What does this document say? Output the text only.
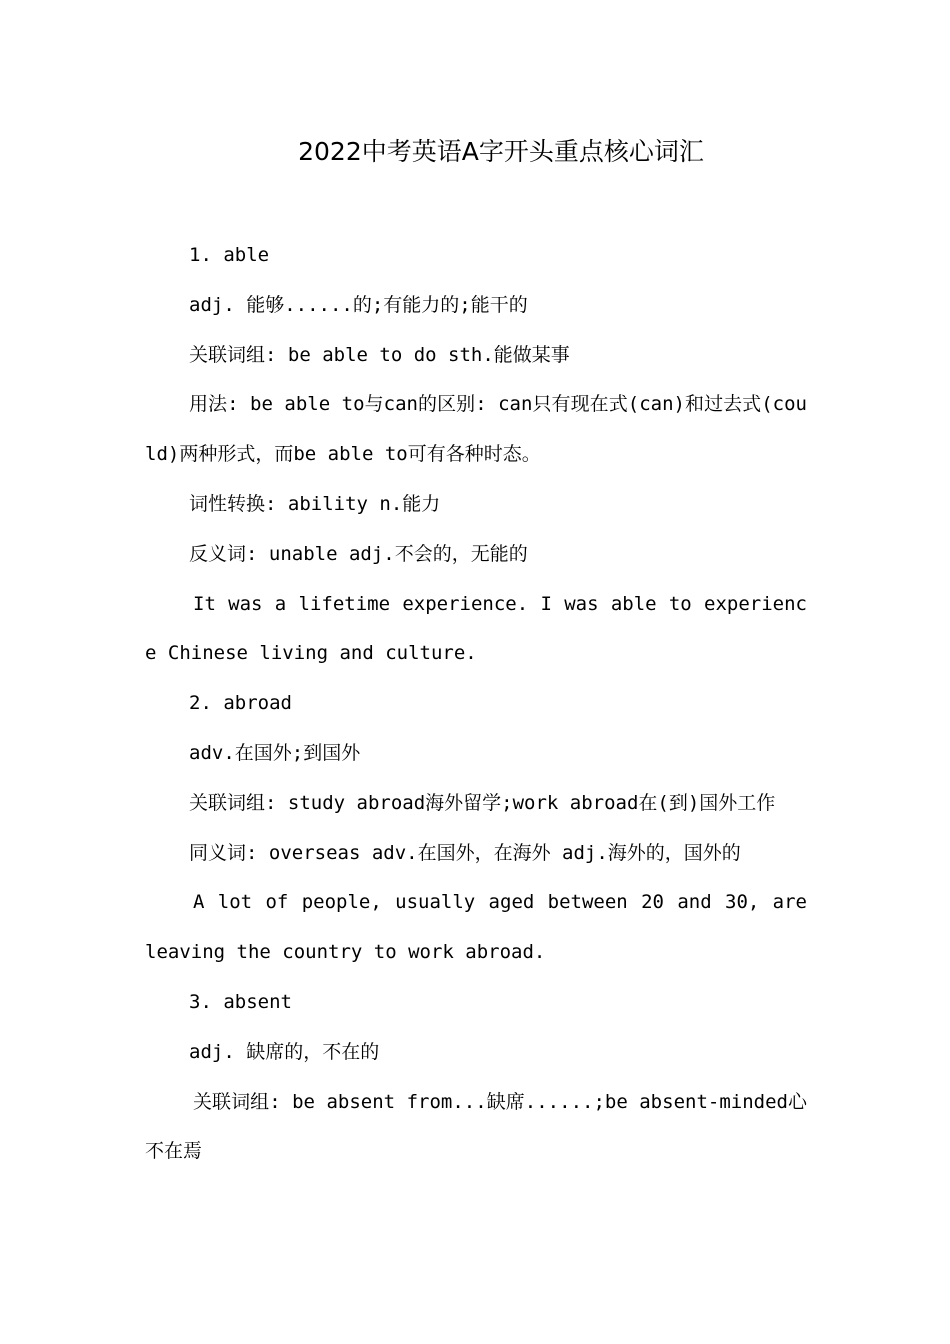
2022中考英语A字开头重点核心词汇

1. able

adj. 能够......的;有能力的;能干的

关联词组: be able to do sth.能做某事

用法: be able to与can的区别: can只有现在式(can)和过去式(could)两种形式，而be able to可有各种时态。

词性转换: ability n.能力

反义词: unable adj.不会的，无能的

It was a lifetime experience. I was able to experience Chinese living and culture.

2. abroad

adv.在国外;到国外

关联词组: study abroad海外留学;work abroad在(到)国外工作

同义词: overseas adv.在国外，在海外 adj.海外的，国外的

A lot of people, usually aged between 20 and 30, are leaving the country to work abroad.

3. absent

adj. 缺席的，不在的

关联词组: be absent from...缺席......;be absent-minded心不在焉
